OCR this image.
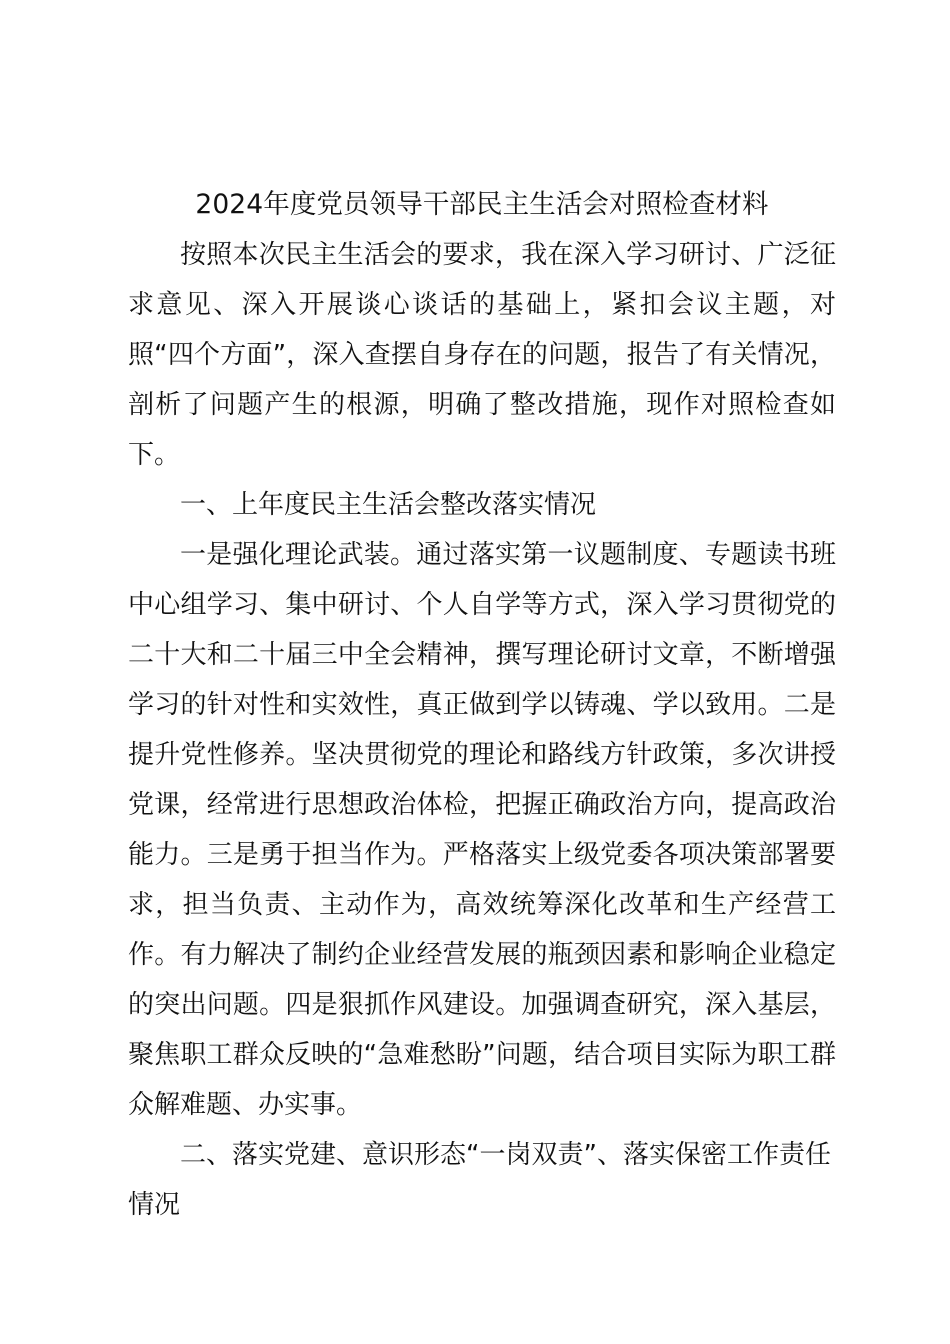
2024年度党员领导干部民主生活会对照检查材料

按照本次民主生活会的要求，我在深入学习研讨、广泛征求意见、深入开展谈心谈话的基础上，紧扣会议主题，对照“四个方面”，深入查摆自身存在的问题，报告了有关情况，剖析了问题产生的根源，明确了整改措施，现作对照检查如下。

一、上年度民主生活会整改落实情况

一是强化理论武装。通过落实第一议题制度、专题读书班中心组学习、集中研讨、个人自学等方式，深入学习贯彻党的二十大和二十届三中全会精神，撰写理论研讨文章，不断增强学习的针对性和实效性，真正做到学以铸魂、学以致用。二是提升党性修养。坚决贯彻党的理论和路线方针政策，多次讲授党课，经常进行思想政治体检，把握正确政治方向，提高政治能力。三是勇于担当作为。严格落实上级党委各项决策部署要求，担当负责、主动作为，高效统筹深化改革和生产经营工作。有力解决了制约企业经营发展的瓶颈因素和影响企业稳定的突出问题。四是狠抓作风建设。加强调查研究，深入基层，聚焦职工群众反映的“急难愁盼”问题，结合项目实际为职工群众解难题、办实事。

二、落实党建、意识形态“一岗双责”、落实保密工作责任情况
